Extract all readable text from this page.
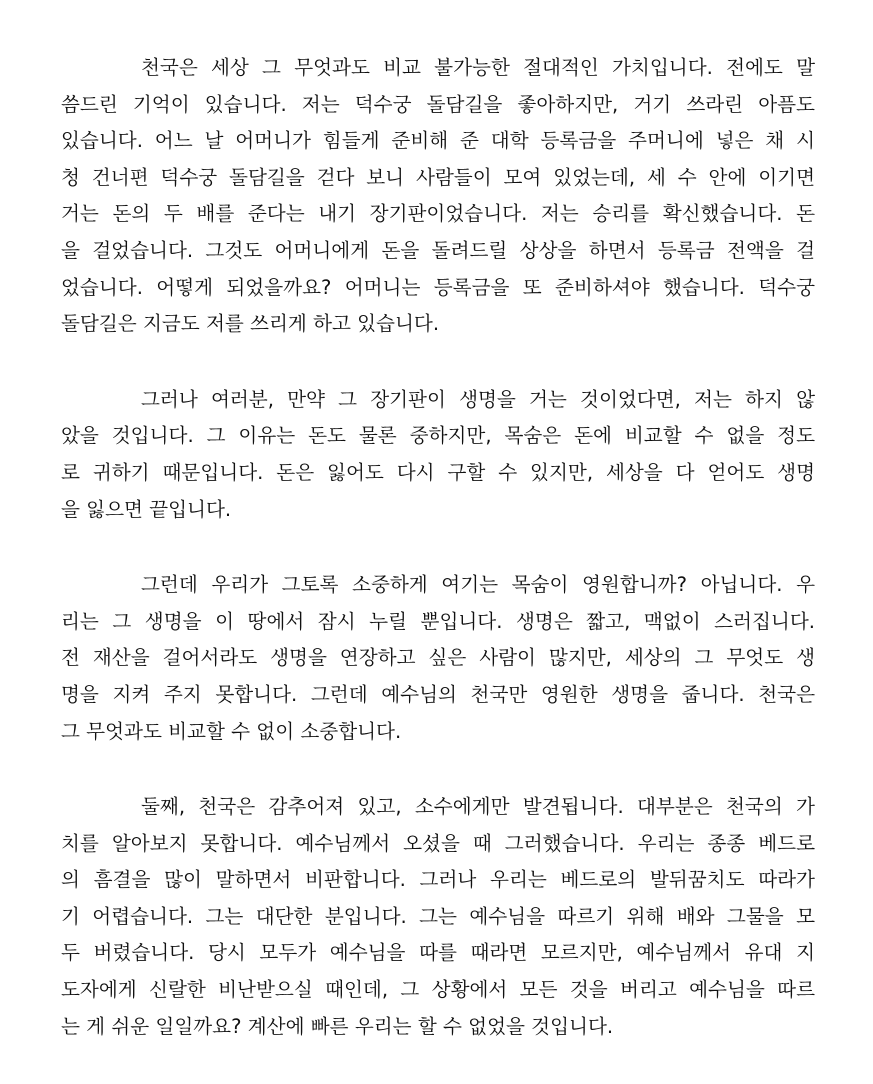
천국은 세상 그 무엇과도 비교 불가능한 절대적인 가치입니다. 전에도 말
씀드린 기억이 있습니다. 저는 덕수궁 돌담길을 좋아하지만, 거기 쓰라린 아픔도
있습니다. 어느 날 어머니가 힘들게 준비해 준 대학 등록금을 주머니에 넣은 채 시
청 건너편 덕수궁 돌담길을 걷다 보니 사람들이 모여 있었는데, 세 수 안에 이기면
거는 돈의 두 배를 준다는 내기 장기판이었습니다. 저는 승리를 확신했습니다. 돈
을 걸었습니다. 그것도 어머니에게 돈을 돌려드릴 상상을 하면서 등록금 전액을 걸
었습니다. 어떻게 되었을까요? 어머니는 등록금을 또 준비하셔야 했습니다. 덕수궁
돌담길은 지금도 저를 쓰리게 하고 있습니다.

그러나 여러분, 만약 그 장기판이 생명을 거는 것이었다면, 저는 하지 않
았을 것입니다. 그 이유는 돈도 물론 중하지만, 목숨은 돈에 비교할 수 없을 정도
로 귀하기 때문입니다. 돈은 잃어도 다시 구할 수 있지만, 세상을 다 얻어도 생명
을 잃으면 끝입니다.

그런데 우리가 그토록 소중하게 여기는 목숨이 영원합니까? 아닙니다. 우
리는 그 생명을 이 땅에서 잠시 누릴 뿐입니다. 생명은 짧고, 맥없이 스러집니다.
전 재산을 걸어서라도 생명을 연장하고 싶은 사람이 많지만, 세상의 그 무엇도 생
명을 지켜 주지 못합니다. 그런데 예수님의 천국만 영원한 생명을 줍니다. 천국은
그 무엇과도 비교할 수 없이 소중합니다.

둘째, 천국은 감추어져 있고, 소수에게만 발견됩니다. 대부분은 천국의 가
치를 알아보지 못합니다. 예수님께서 오셨을 때 그러했습니다. 우리는 종종 베드로
의 흠결을 많이 말하면서 비판합니다. 그러나 우리는 베드로의 발뒤꿈치도 따라가
기 어렵습니다. 그는 대단한 분입니다. 그는 예수님을 따르기 위해 배와 그물을 모
두 버렸습니다. 당시 모두가 예수님을 따를 때라면 모르지만, 예수님께서 유대 지
도자에게 신랄한 비난받으실 때인데, 그 상황에서 모든 것을 버리고 예수님을 따르
는 게 쉬운 일일까요? 계산에 빠른 우리는 할 수 없었을 것입니다.
